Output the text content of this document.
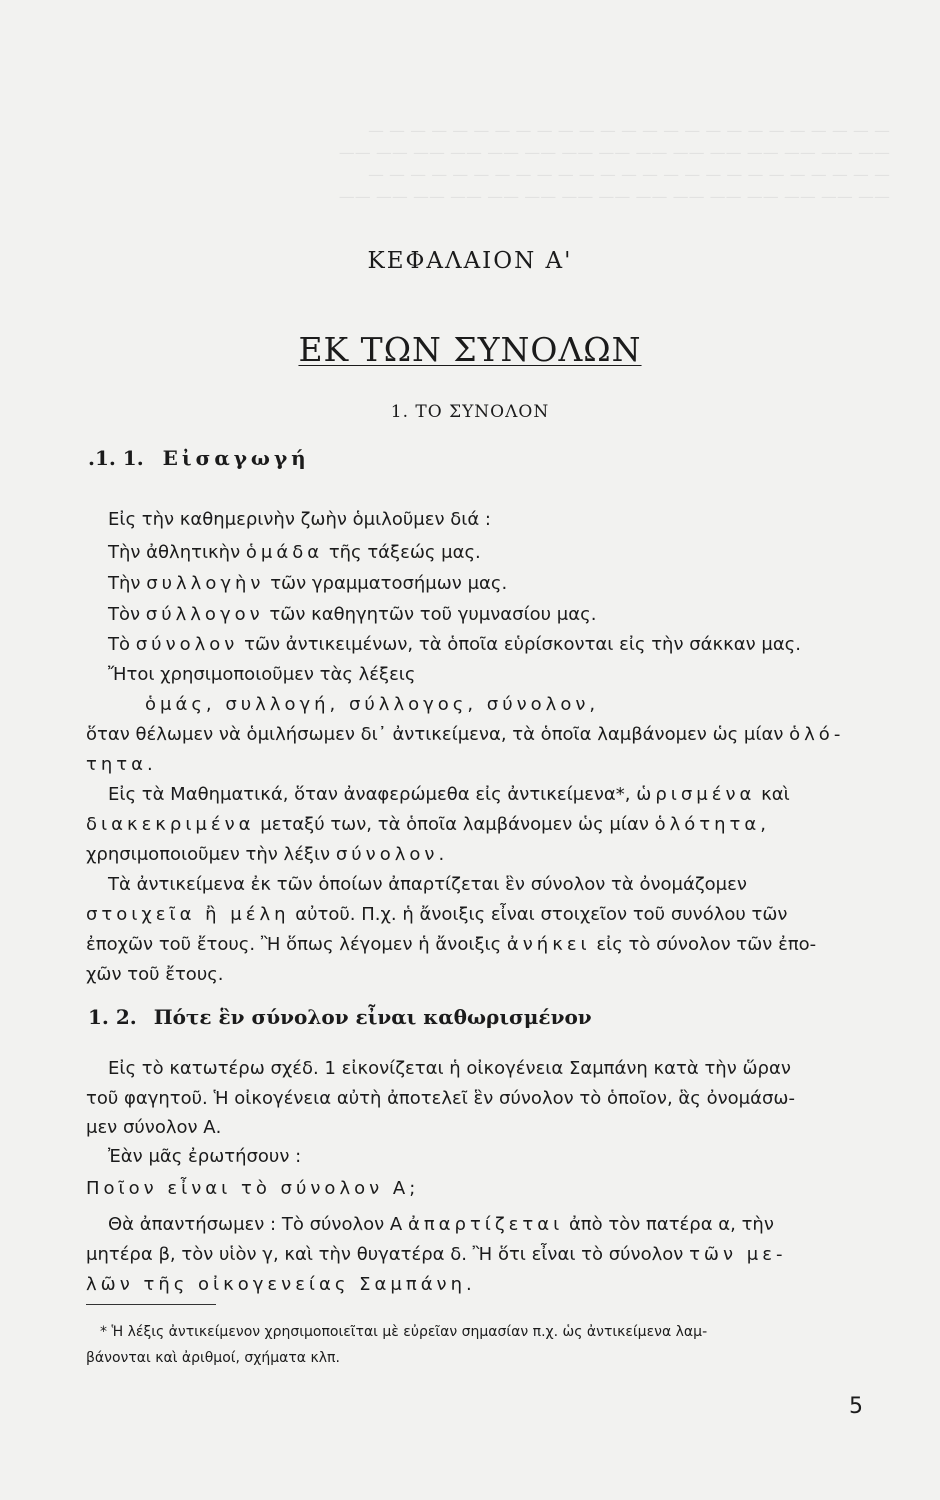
— — — — — — — — — — — — — — — — — — — — — — — — —
—— —— —— —— —— —— —— —— —— —— —— —— —— —— ——
— — — — — — — — — — — — — — — — — — — — — — — — —
—— —— —— —— —— —— —— —— —— —— —— —— —— —— ——
ΚΕΦΑΛΑΙΟΝ Α'
ΕΚ ΤΩΝ ΣΥΝΟΛΩΝ
1. ΤΟ ΣΥΝΟΛΟΝ
.1. 1. Εἰσαγωγή
Εἰς τὴν καθημερινὴν ζωὴν ὁμιλοῦμεν διά :
Τὴν ἀθλητικὴν ὁμάδα τῆς τάξεώς μας.
Τὴν συλλογὴν τῶν γραμματοσήμων μας.
Τὸν σύλλογον τῶν καθηγητῶν τοῦ γυμνασίου μας.
Τὸ σύνολον τῶν ἀντικειμένων, τὰ ὁποῖα εὑρίσκονται εἰς τὴν σάκκαν μας.
Ἤτοι χρησιμοποιοῦμεν τὰς λέξεις
ὁμάς, συλλογή, σύλλογος, σύνολον,
ὅταν θέλωμεν νὰ ὁμιλήσωμεν δι᾿ ἀντικείμενα, τὰ ὁποῖα λαμβάνομεν ὡς μίαν ὁλό-
τητα.
Εἰς τὰ Μαθηματικά, ὅταν ἀναφερώμεθα εἰς ἀντικείμενα*, ὡρισμένα καὶ
διακεκριμένα μεταξύ των, τὰ ὁποῖα λαμβάνομεν ὡς μίαν ὁλότητα,
χρησιμοποιοῦμεν τὴν λέξιν σύνολον.
Τὰ ἀντικείμενα ἐκ τῶν ὁποίων ἀπαρτίζεται ἓν σύνολον τὰ ὀνομάζομεν
στοιχεῖα ἢ μέλη αὐτοῦ. Π.χ. ἡ ἄνοιξις εἶναι στοιχεῖον τοῦ συνόλου τῶν
ἐποχῶν τοῦ ἔτους. Ἢ ὅπως λέγομεν ἡ ἄνοιξις ἀνήκει εἰς τὸ σύνολον τῶν ἐπο-
χῶν τοῦ ἔτους.
1. 2. Πότε ἓν σύνολον εἶναι καθωρισμένον
Εἰς τὸ κατωτέρω σχέδ. 1 εἰκονίζεται ἡ οἰκογένεια Σαμπάνη κατὰ τὴν ὥραν
τοῦ φαγητοῦ. Ἡ οἰκογένεια αὐτὴ ἀποτελεῖ ἓν σύνολον τὸ ὁποῖον, ἃς ὀνομάσω-
μεν σύνολον Α.
Ἐὰν μᾶς ἐρωτήσουν :
Ποῖον εἶναι τὸ σύνολον Α;
Θὰ ἀπαντήσωμεν : Τὸ σύνολον Α ἀπαρτίζεται ἀπὸ τὸν πατέρα α, τὴν
μητέρα β, τὸν υἱὸν γ, καὶ τὴν θυγατέρα δ. Ἢ ὅτι εἶναι τὸ σύνολον τῶν με-
λῶν τῆς οἰκογενείας Σαμπάνη.
* Ἡ λέξις ἀντικείμενον χρησιμοποιεῖται μὲ εὐρεῖαν σημασίαν π.χ. ὡς ἀντικείμενα λαμ-
βάνονται καὶ ἀριθμοί, σχήματα κλπ.
5
